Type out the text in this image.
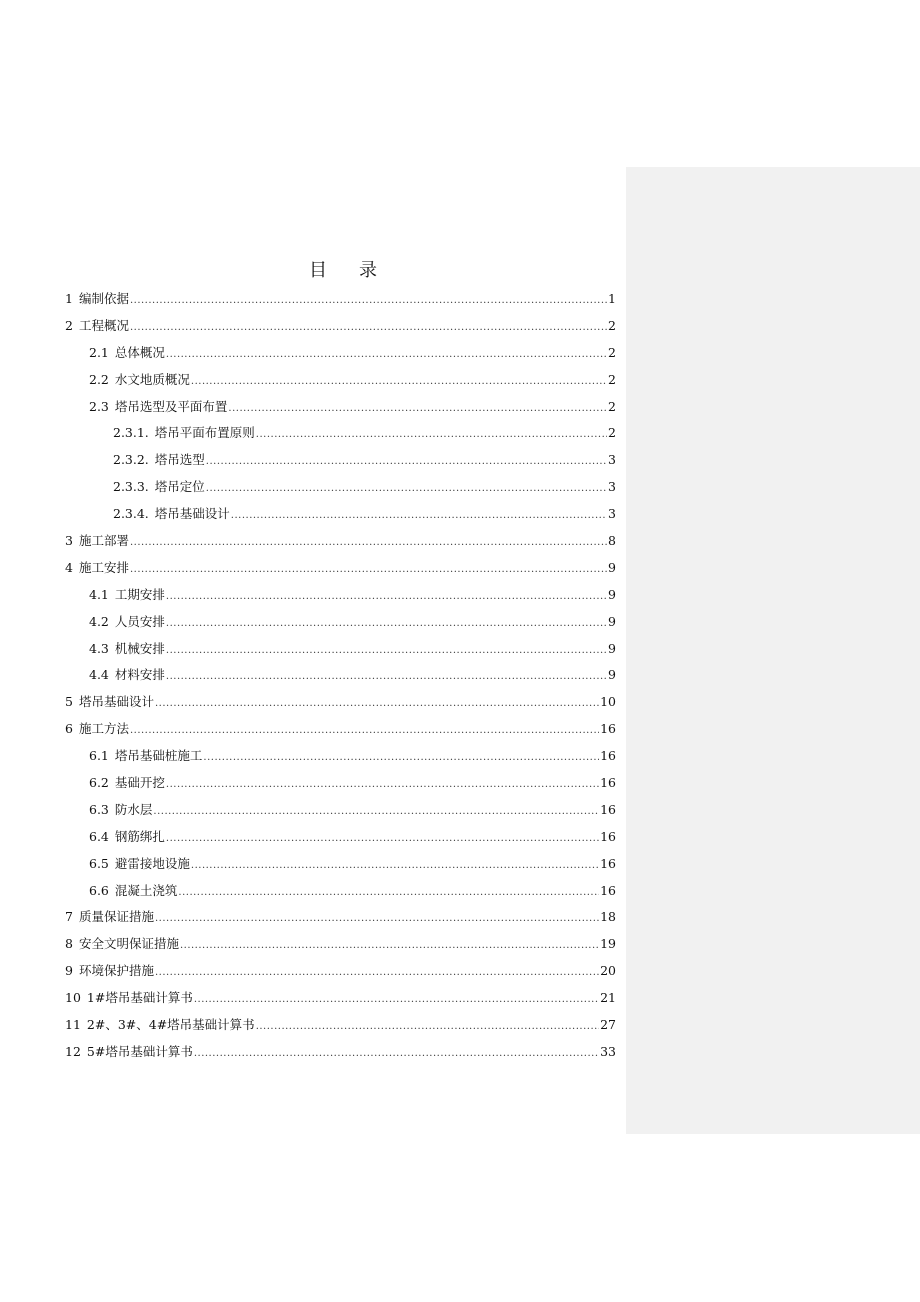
目 录
1 编制依据 .....	1
2 工程概况 .....	2
2.1 总体概况 .....	2
2.2 水文地质概况 .....	2
2.3 塔吊选型及平面布置 .....	2
2.3.1. 塔吊平面布置原则 .....	2
2.3.2. 塔吊选型 .....	3
2.3.3. 塔吊定位 .....	3
2.3.4. 塔吊基础设计 .....	3
3 施工部署 .....	8
4 施工安排 .....	9
4.1 工期安排 .....	9
4.2 人员安排 .....	9
4.3 机械安排 .....	9
4.4 材料安排 .....	9
5 塔吊基础设计 .....	10
6 施工方法 .....	16
6.1 塔吊基础桩施工 .....	16
6.2 基础开挖 .....	16
6.3 防水层 .....	16
6.4 钢筋绑扎 .....	16
6.5 避雷接地设施 .....	16
6.6 混凝土浇筑 .....	16
7 质量保证措施 .....	18
8 安全文明保证措施 .....	19
9 环境保护措施 .....	20
10 1#塔吊基础计算书 .....	21
11 2#、3#、4#塔吊基础计算书 .....	27
12 5#塔吊基础计算书 .....	33
